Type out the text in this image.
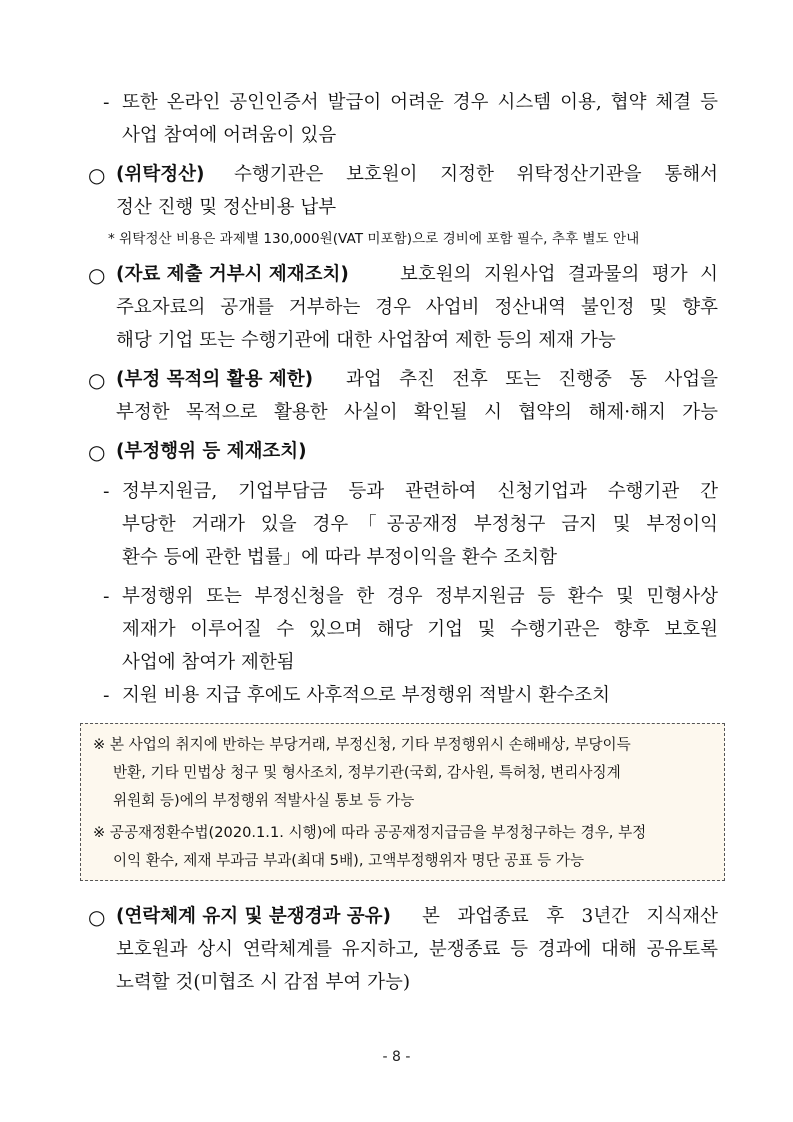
- 또한 온라인 공인인증서 발급이 어려운 경우 시스템 이용, 협약 체결 등
사업 참여에 어려움이 있음
○ (위탁정산) 수행기관은 보호원이 지정한 위탁정산기관을 통해서
정산 진행 및 정산비용 납부
* 위탁정산 비용은 과제별 130,000원(VAT 미포함)으로 경비에 포함 필수, 추후 별도 안내
○ (자료 제출 거부시 제재조치)	보호원의 지원사업 결과물의 평가 시
주요자료의 공개를 거부하는 경우 사업비 정산내역 불인정 및 향후
해당 기업 또는 수행기관에 대한 사업참여 제한 등의 제재 가능
○ (부정 목적의 활용 제한) 과업 추진 전후 또는 진행중 동 사업을
부정한 목적으로 활용한 사실이 확인될 시 협약의 해제·해지 가능
○ (부정행위 등 제재조치)
- 정부지원금, 기업부담금 등과 관련하여 신청기업과 수행기관 간
부당한 거래가 있을 경우「공공재정 부정청구 금지 및 부정이익
환수 등에 관한 법률」에 따라 부정이익을 환수 조치함
- 부정행위 또는 부정신청을 한 경우 정부지원금 등 환수 및 민형사상
제재가 이루어질 수 있으며 해당 기업 및 수행기관은 향후 보호원
사업에 참여가 제한됨
- 지원 비용 지급 후에도 사후적으로 부정행위 적발시 환수조치
※ 본 사업의 취지에 반하는 부당거래, 부정신청, 기타 부정행위시 손해배상, 부당이득
반환, 기타 민법상 청구 및 형사조치, 정부기관(국회, 감사원, 특허청, 변리사징계
위원회 등)에의 부정행위 적발사실 통보 등 가능
※ 공공재정환수법(2020.1.1. 시행)에 따라 공공재정지급금을 부정청구하는 경우, 부정
이익 환수, 제재 부과금 부과(최대 5배), 고액부정행위자 명단 공표 등 가능
○ (연락체계 유지 및 분쟁경과 공유) 본 과업종료 후 3년간 지식재산
보호원과 상시 연락체계를 유지하고, 분쟁종료 등 경과에 대해 공유토록
노력할 것(미협조 시 감점 부여 가능)
- 8 -
